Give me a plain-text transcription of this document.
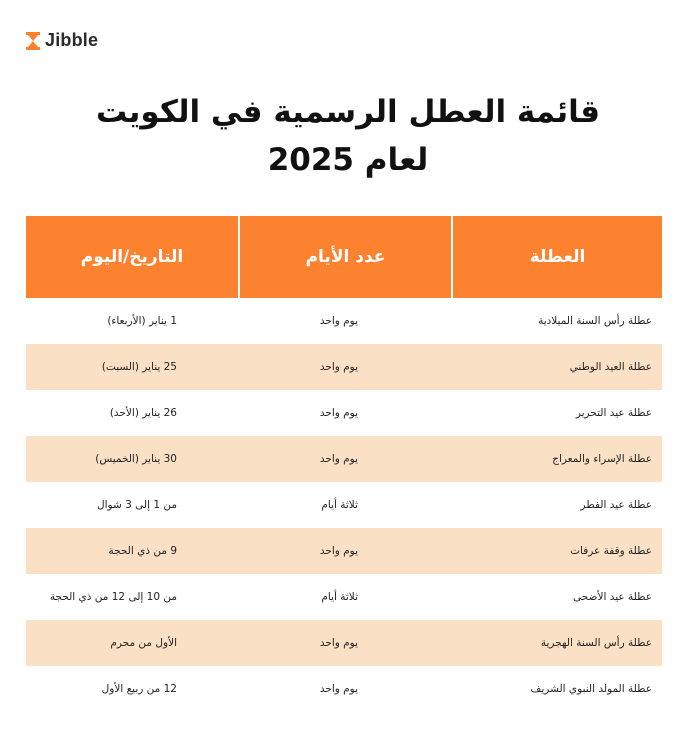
Jibble
قائمة العطل الرسمية في الكويت
لعام 2025
العطلة	عدد الأيام	التاريخ/اليوم
عطلة رأس السنة الميلادية	يوم واحد	1 يناير (الأربعاء)
عطلة العيد الوطني	يوم واحد	25 يناير (السبت)
عطلة عيد التحرير	يوم واحد	26 يناير (الأحد)
عطلة الإسراء والمعراج	يوم واحد	30 يناير (الخميس)
عطلة عيد الفطر	ثلاثة أيام	من 1 إلى 3 شوال
عطلة وقفة عرفات	يوم واحد	9 من ذي الحجة
عطلة عيد الأضحى	ثلاثة أيام	من 10 إلى 12 من ذي الحجة
عطلة رأس السنة الهجرية	يوم واحد	الأول من محرم
عطلة المولد النبوي الشريف	يوم واحد	12 من ربيع الأول
